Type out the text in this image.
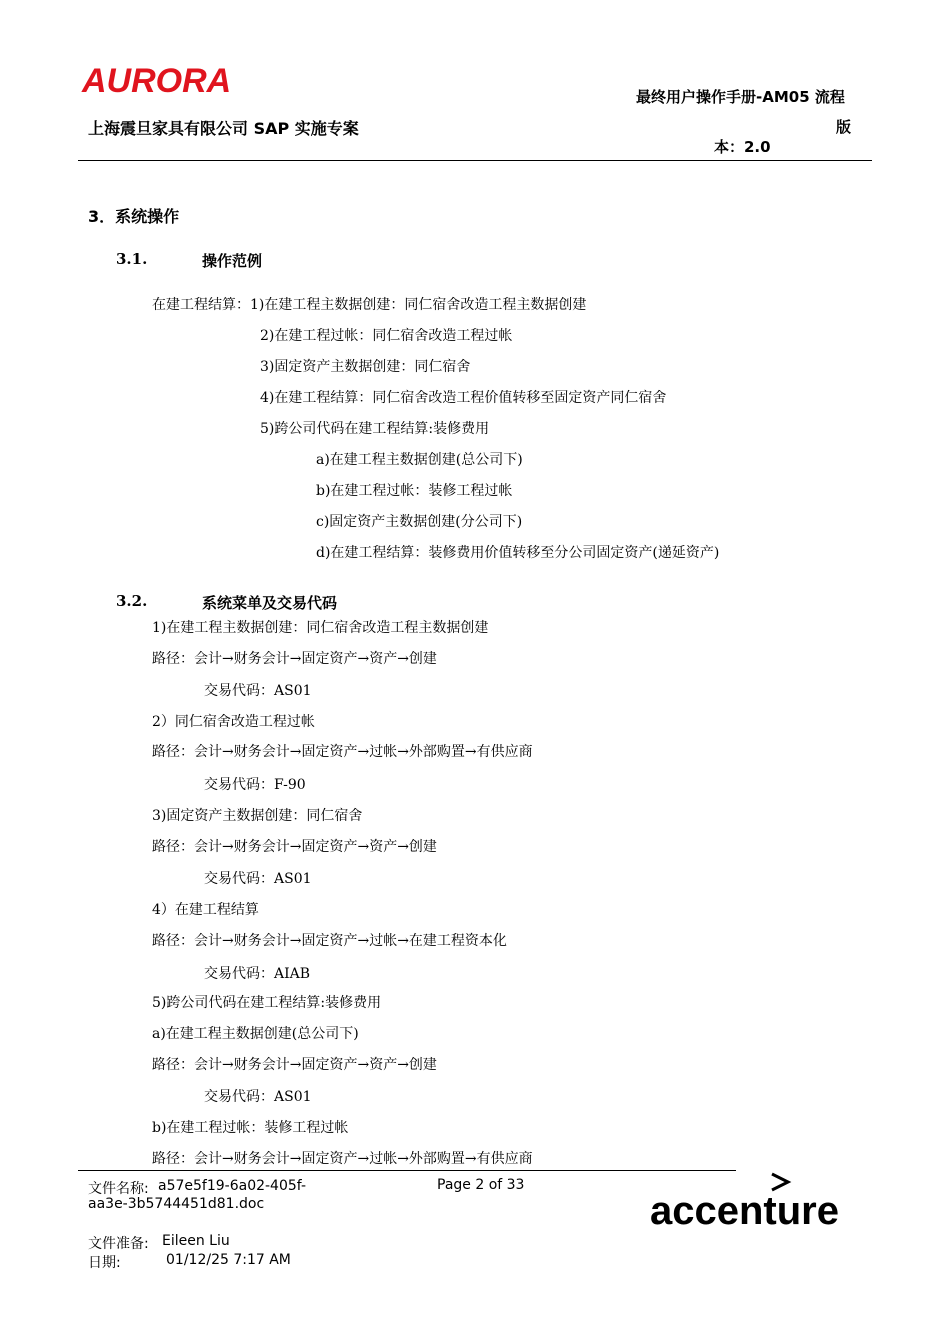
AURORA
上海震旦家具有限公司 SAP 实施专案
最终用户操作手册-AM05 流程
版
本：2.0
3．系统操作
3.1.	操作范例
在建工程结算：1)在建工程主数据创建：同仁宿舍改造工程主数据创建
2)在建工程过帐：同仁宿舍改造工程过帐
3)固定资产主数据创建：同仁宿舍
4)在建工程结算：同仁宿舍改造工程价值转移至固定资产同仁宿舍
5)跨公司代码在建工程结算:装修费用
a)在建工程主数据创建(总公司下)
b)在建工程过帐：装修工程过帐
c)固定资产主数据创建(分公司下)
d)在建工程结算：装修费用价值转移至分公司固定资产(递延资产)
3.2.	系统菜单及交易代码
1)在建工程主数据创建：同仁宿舍改造工程主数据创建
路径：会计→财务会计→固定资产→资产→创建
交易代码：AS01
2）同仁宿舍改造工程过帐
路径：会计→财务会计→固定资产→过帐→外部购置→有供应商
交易代码：F-90
3)固定资产主数据创建：同仁宿舍
路径：会计→财务会计→固定资产→资产→创建
交易代码：AS01
4）在建工程结算
路径：会计→财务会计→固定资产→过帐→在建工程资本化
交易代码：AIAB
5)跨公司代码在建工程结算:装修费用
a)在建工程主数据创建(总公司下)
路径：会计→财务会计→固定资产→资产→创建
交易代码：AS01
b)在建工程过帐：装修工程过帐
路径：会计→财务会计→固定资产→过帐→外部购置→有供应商
文件名称: a57e5f19-6a02-405f-
aa3e-3b5744451d81.doc
Page 2 of 33
文件准备: Eileen Liu
日期:	01/12/25 7:17 AM
accenture
